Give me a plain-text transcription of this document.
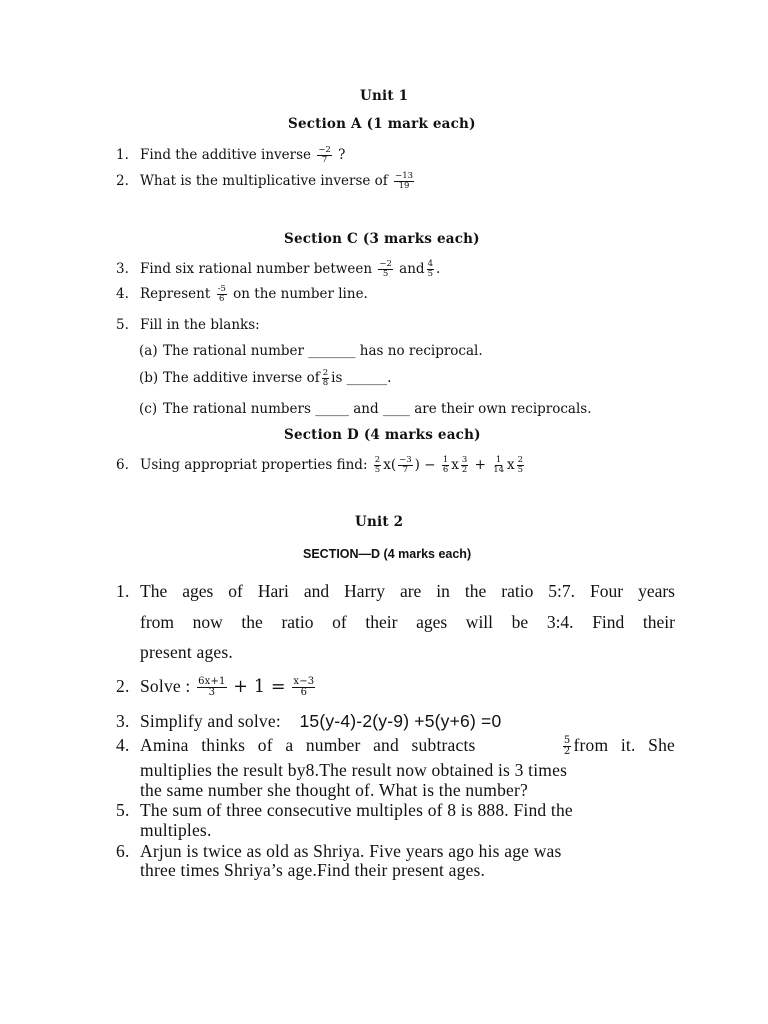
Unit 1
Section A (1 mark each)
1. Find the additive inverse $\frac{-2}{7}$ ?
2. What is the multiplicative inverse of $\frac{-13}{19}$
Section C (3 marks each)
3. Find six rational number between $\frac{-2}{5}$ and $\frac{4}{5}$ .
4. Represent $\frac{-5}{6}$ on the number line.
5. Fill in the blanks:
(a) The rational number _______ has no reciprocal.
(b) The additive inverse of $\frac{2}{8}$ is ______.
(c) The rational numbers _____ and ____ are their own reciprocals.
Section D (4 marks each)
6. Using appropriat properties find: $\frac{2}{5} x( \frac{-3}{7}$ ) − $\frac{1}{6}$ x $\frac{3}{2} + \frac{1}{14}$ x $\frac{2}{5}$
Unit 2
SECTION—D (4 marks each)
1. The ages of Hari and Harry are in the ratio 5:7. Four years
from now the ratio of their ages will be 3:4. Find their
present ages.
2. Solve : $\frac{6x+1}{3} + 1 = \frac{x-3}{6}$
3. Simplify and solve: 15(y-4)-2(y-9) +5(y+6) =0
4. Amina thinks of a number and subtracts	$\frac{5}{2}$ from it. She
multiplies the result by8.The result now obtained is 3 times
the same number she thought of. What is the number?
5. The sum of three consecutive multiples of 8 is 888. Find the
multiples.
6. Arjun is twice as old as Shriya. Five years ago his age was
three times Shriya’s age.Find their present ages.
